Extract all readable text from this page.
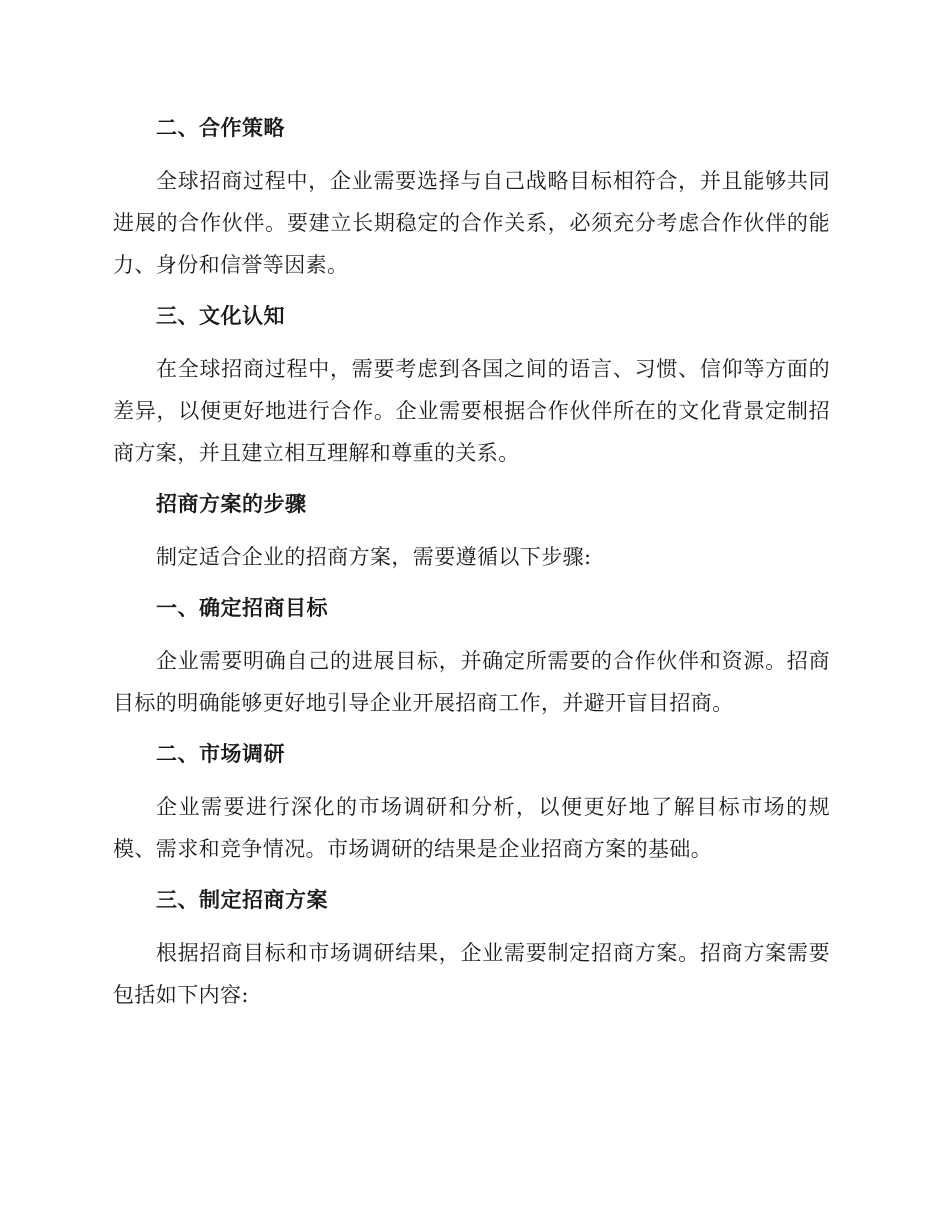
二、合作策略

全球招商过程中，企业需要选择与自己战略目标相符合，并且能够共同进展的合作伙伴。要建立长期稳定的合作关系，必须充分考虑合作伙伴的能力、身份和信誉等因素。

三、文化认知

在全球招商过程中，需要考虑到各国之间的语言、习惯、信仰等方面的差异，以便更好地进行合作。企业需要根据合作伙伴所在的文化背景定制招商方案，并且建立相互理解和尊重的关系。

招商方案的步骤

制定适合企业的招商方案，需要遵循以下步骤:

一、确定招商目标

企业需要明确自己的进展目标，并确定所需要的合作伙伴和资源。招商目标的明确能够更好地引导企业开展招商工作，并避开盲目招商。

二、市场调研

企业需要进行深化的市场调研和分析，以便更好地了解目标市场的规模、需求和竞争情况。市场调研的结果是企业招商方案的基础。

三、制定招商方案

根据招商目标和市场调研结果，企业需要制定招商方案。招商方案需要包括如下内容:
